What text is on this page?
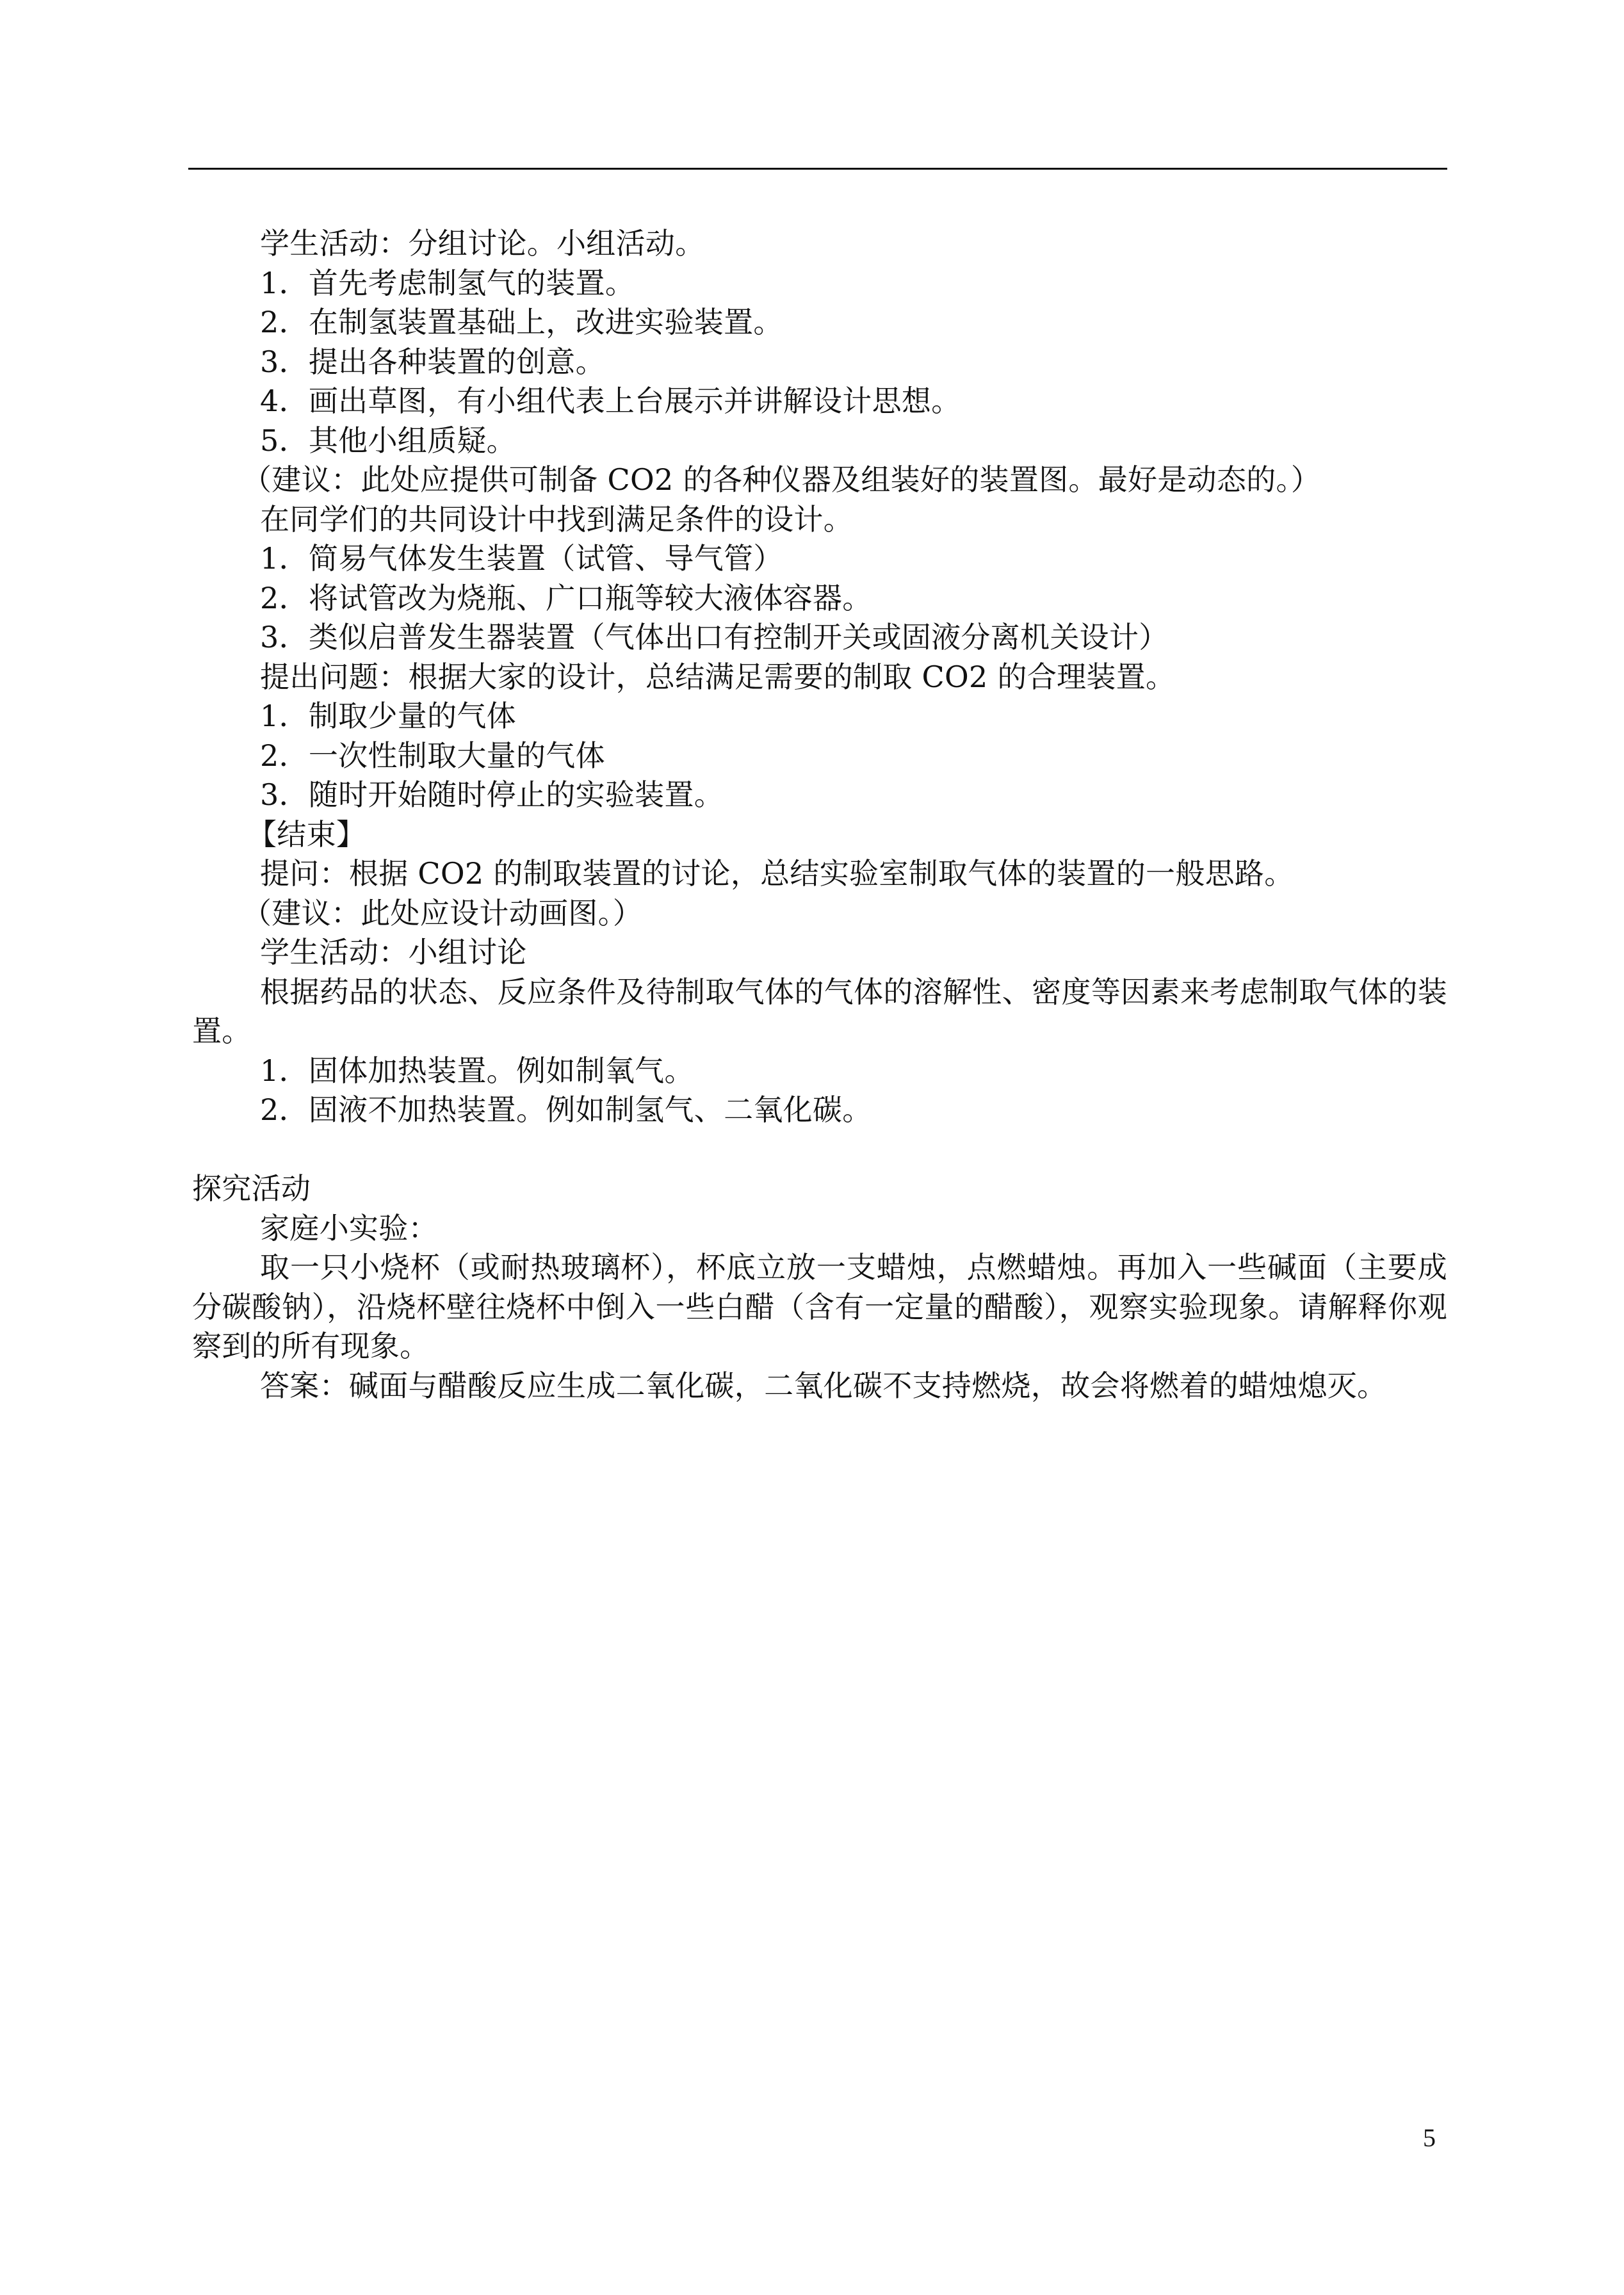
学生活动：分组讨论。小组活动。
1．首先考虑制氢气的装置。
2．在制氢装置基础上，改进实验装置。
3．提出各种装置的创意。
4．画出草图，有小组代表上台展示并讲解设计思想。
5．其他小组质疑。
（建议：此处应提供可制备 CO2 的各种仪器及组装好的装置图。最好是动态的。）
在同学们的共同设计中找到满足条件的设计。
1．简易气体发生装置（试管、导气管）
2．将试管改为烧瓶、广口瓶等较大液体容器。
3．类似启普发生器装置（气体出口有控制开关或固液分离机关设计）
提出问题：根据大家的设计，总结满足需要的制取 CO2 的合理装置。
1．制取少量的气体
2．一次性制取大量的气体
3．随时开始随时停止的实验装置。
【结束】
提问：根据 CO2 的制取装置的讨论，总结实验室制取气体的装置的一般思路。
（建议：此处应设计动画图。）
学生活动：小组讨论
根据药品的状态、反应条件及待制取气体的气体的溶解性、密度等因素来考虑制取气体的装置。
1．固体加热装置。例如制氧气。
2．固液不加热装置。例如制氢气、二氧化碳。
探究活动
家庭小实验：
取一只小烧杯（或耐热玻璃杯），杯底立放一支蜡烛，点燃蜡烛。再加入一些碱面（主要成分碳酸钠），沿烧杯壁往烧杯中倒入一些白醋（含有一定量的醋酸），观察实验现象。请解释你观察到的所有现象。
答案：碱面与醋酸反应生成二氧化碳，二氧化碳不支持燃烧，故会将燃着的蜡烛熄灭。
5
